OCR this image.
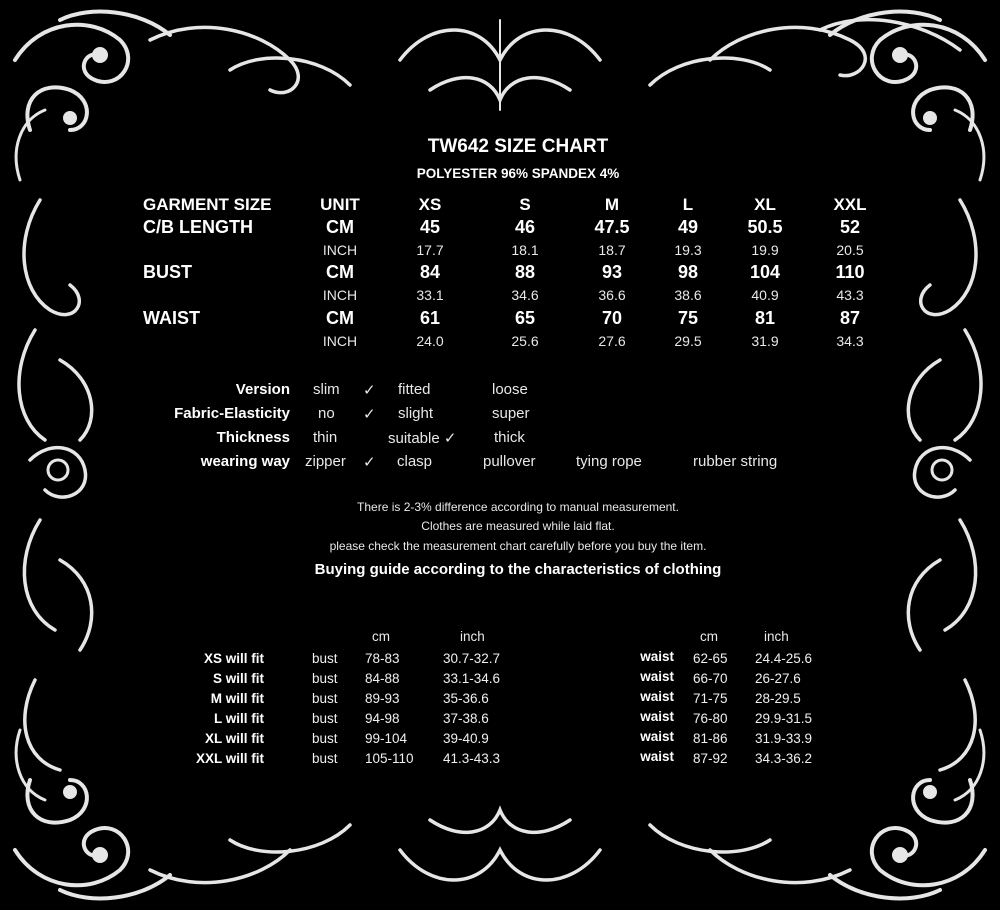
TW642 SIZE CHART
POLYESTER 96% SPANDEX 4%
GARMENT SIZE	UNIT	XS	S	M	L	XL	XXL
C/B LENGTH	CM	45	46	47.5	49	50.5	52
INCH	17.7	18.1	18.7	19.3	19.9	20.5
BUST	CM	84	88	93	98	104	110
INCH	33.1	34.6	36.6	38.6	40.9	43.3
WAIST	CM	61	65	70	75	81	87
INCH	24.0	25.6	27.6	29.5	31.9	34.3
Version slim ✓ fitted	loose
Fabric-Elasticity no ✓ slight	super
Thickness thin	suitable ✓	thick
wearing way zipper ✓ clasp	pullover	tying rope	rubber string
There is 2-3% difference according to manual measurement.
Clothes are measured while laid flat.
please check the measurement chart carefully before you buy the item.
Buying guide according to the characteristics of clothing
cm	inch
XS will fit	bust 78-83	30.7-32.7
S will fit	bust 84-88	33.1-34.6
M will fit	bust 89-93	35-36.6
L will fit	bust 94-98	37-38.6
XL will fit	bust 99-104	39-40.9
XXL will fit	bust 105-110 41.3-43.3
cm	inch
waist 62-65 24.4-25.6
waist 66-70 26-27.6
waist 71-75 28-29.5
waist 76-80 29.9-31.5
waist 81-86 31.9-33.9
waist 87-92 34.3-36.2
